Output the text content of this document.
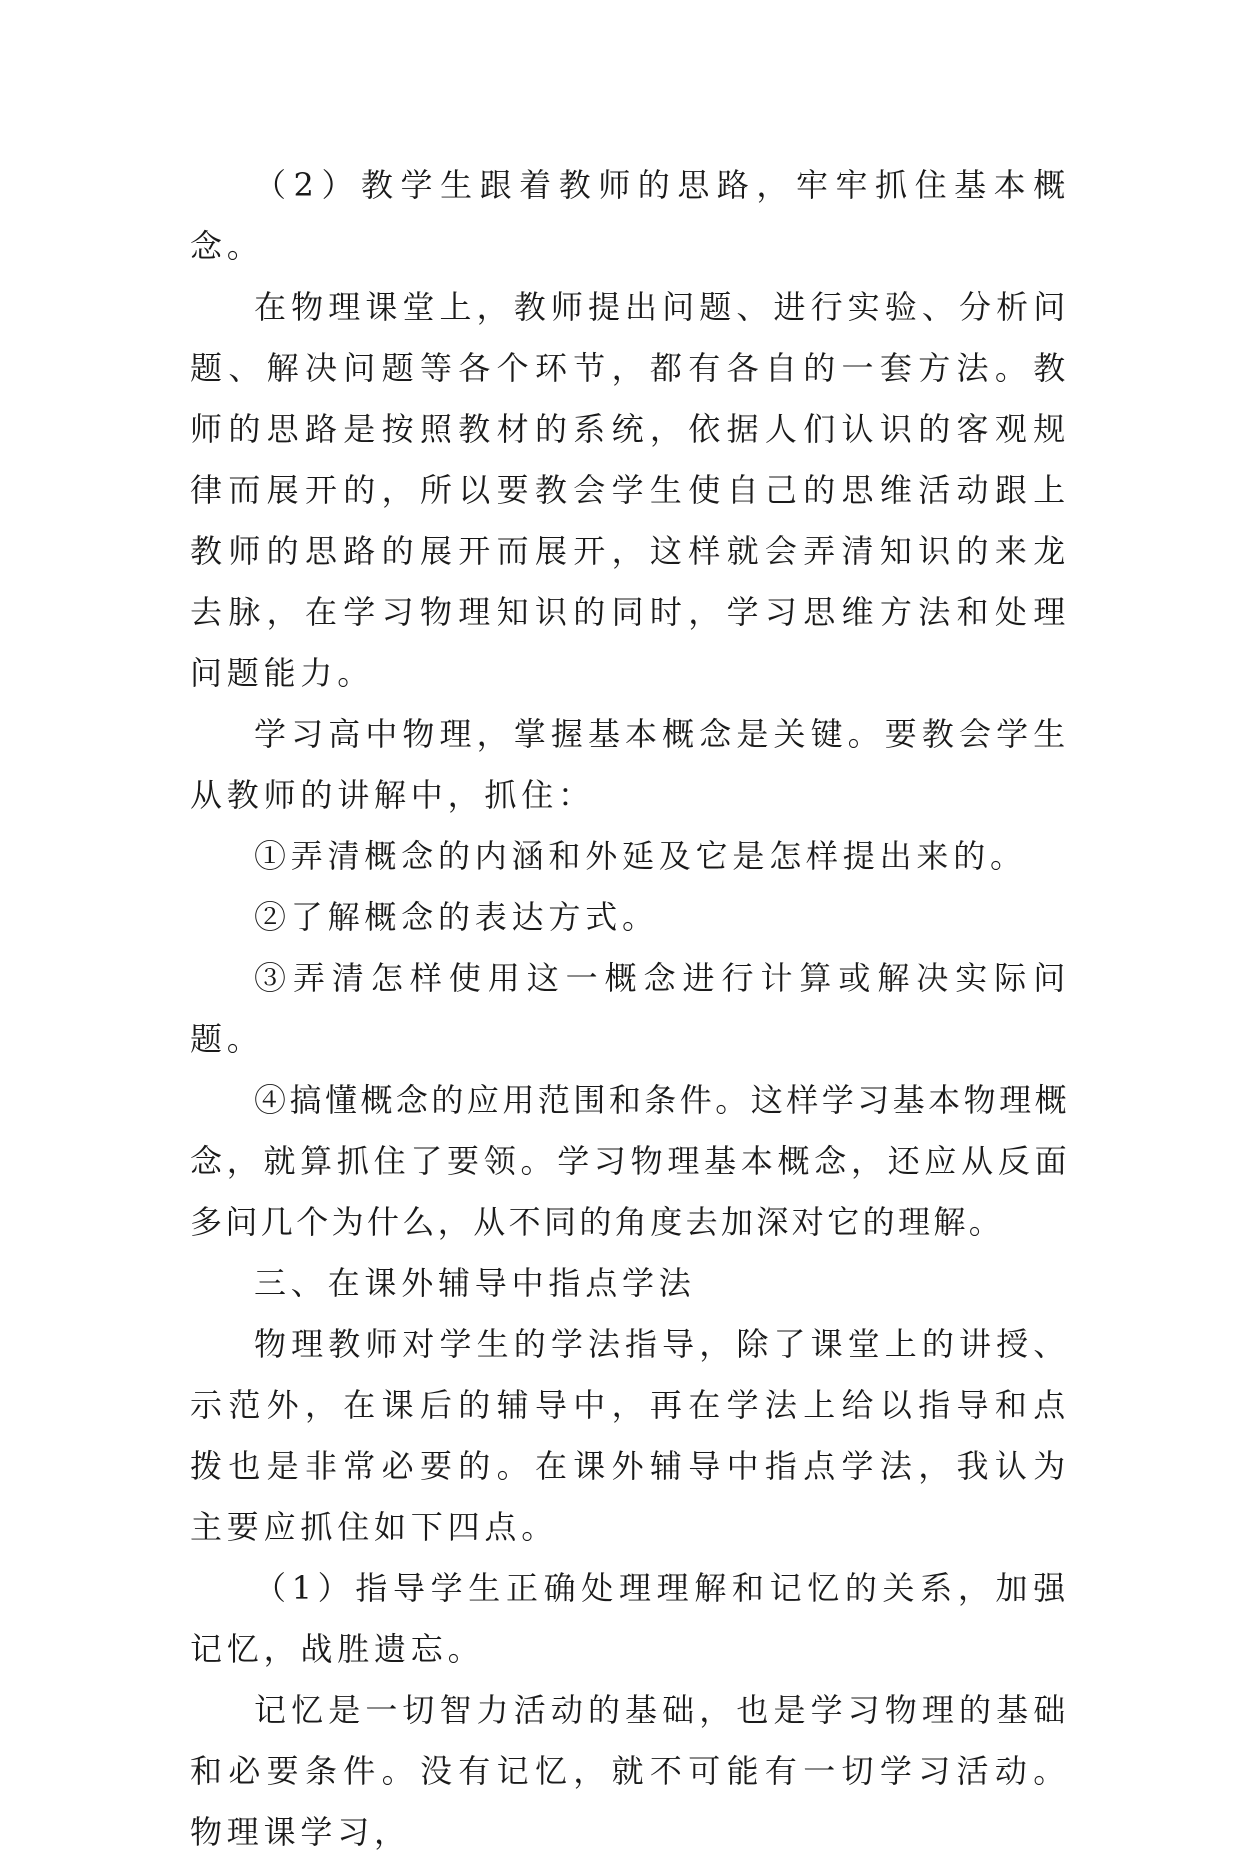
（2）教学生跟着教师的思路，牢牢抓住基本概念。

在物理课堂上，教师提出问题、进行实验、分析问题、解决问题等各个环节，都有各自的一套方法。教师的思路是按照教材的系统，依据人们认识的客观规律而展开的，所以要教会学生使自己的思维活动跟上教师的思路的展开而展开，这样就会弄清知识的来龙去脉，在学习物理知识的同时，学习思维方法和处理问题能力。

学习高中物理，掌握基本概念是关键。要教会学生从教师的讲解中，抓住：

①弄清概念的内涵和外延及它是怎样提出来的。

②了解概念的表达方式。

③弄清怎样使用这一概念进行计算或解决实际问题。

④搞懂概念的应用范围和条件。这样学习基本物理概念，就算抓住了要领。学习物理基本概念，还应从反面多问几个为什么，从不同的角度去加深对它的理解。

三、在课外辅导中指点学法

物理教师对学生的学法指导，除了课堂上的讲授、示范外，在课后的辅导中，再在学法上给以指导和点拨也是非常必要的。在课外辅导中指点学法，我认为主要应抓住如下四点。

（1）指导学生正确处理理解和记忆的关系，加强记忆，战胜遗忘。

记忆是一切智力活动的基础，也是学习物理的基础和必要条件。没有记忆，就不可能有一切学习活动。物理课学习，
